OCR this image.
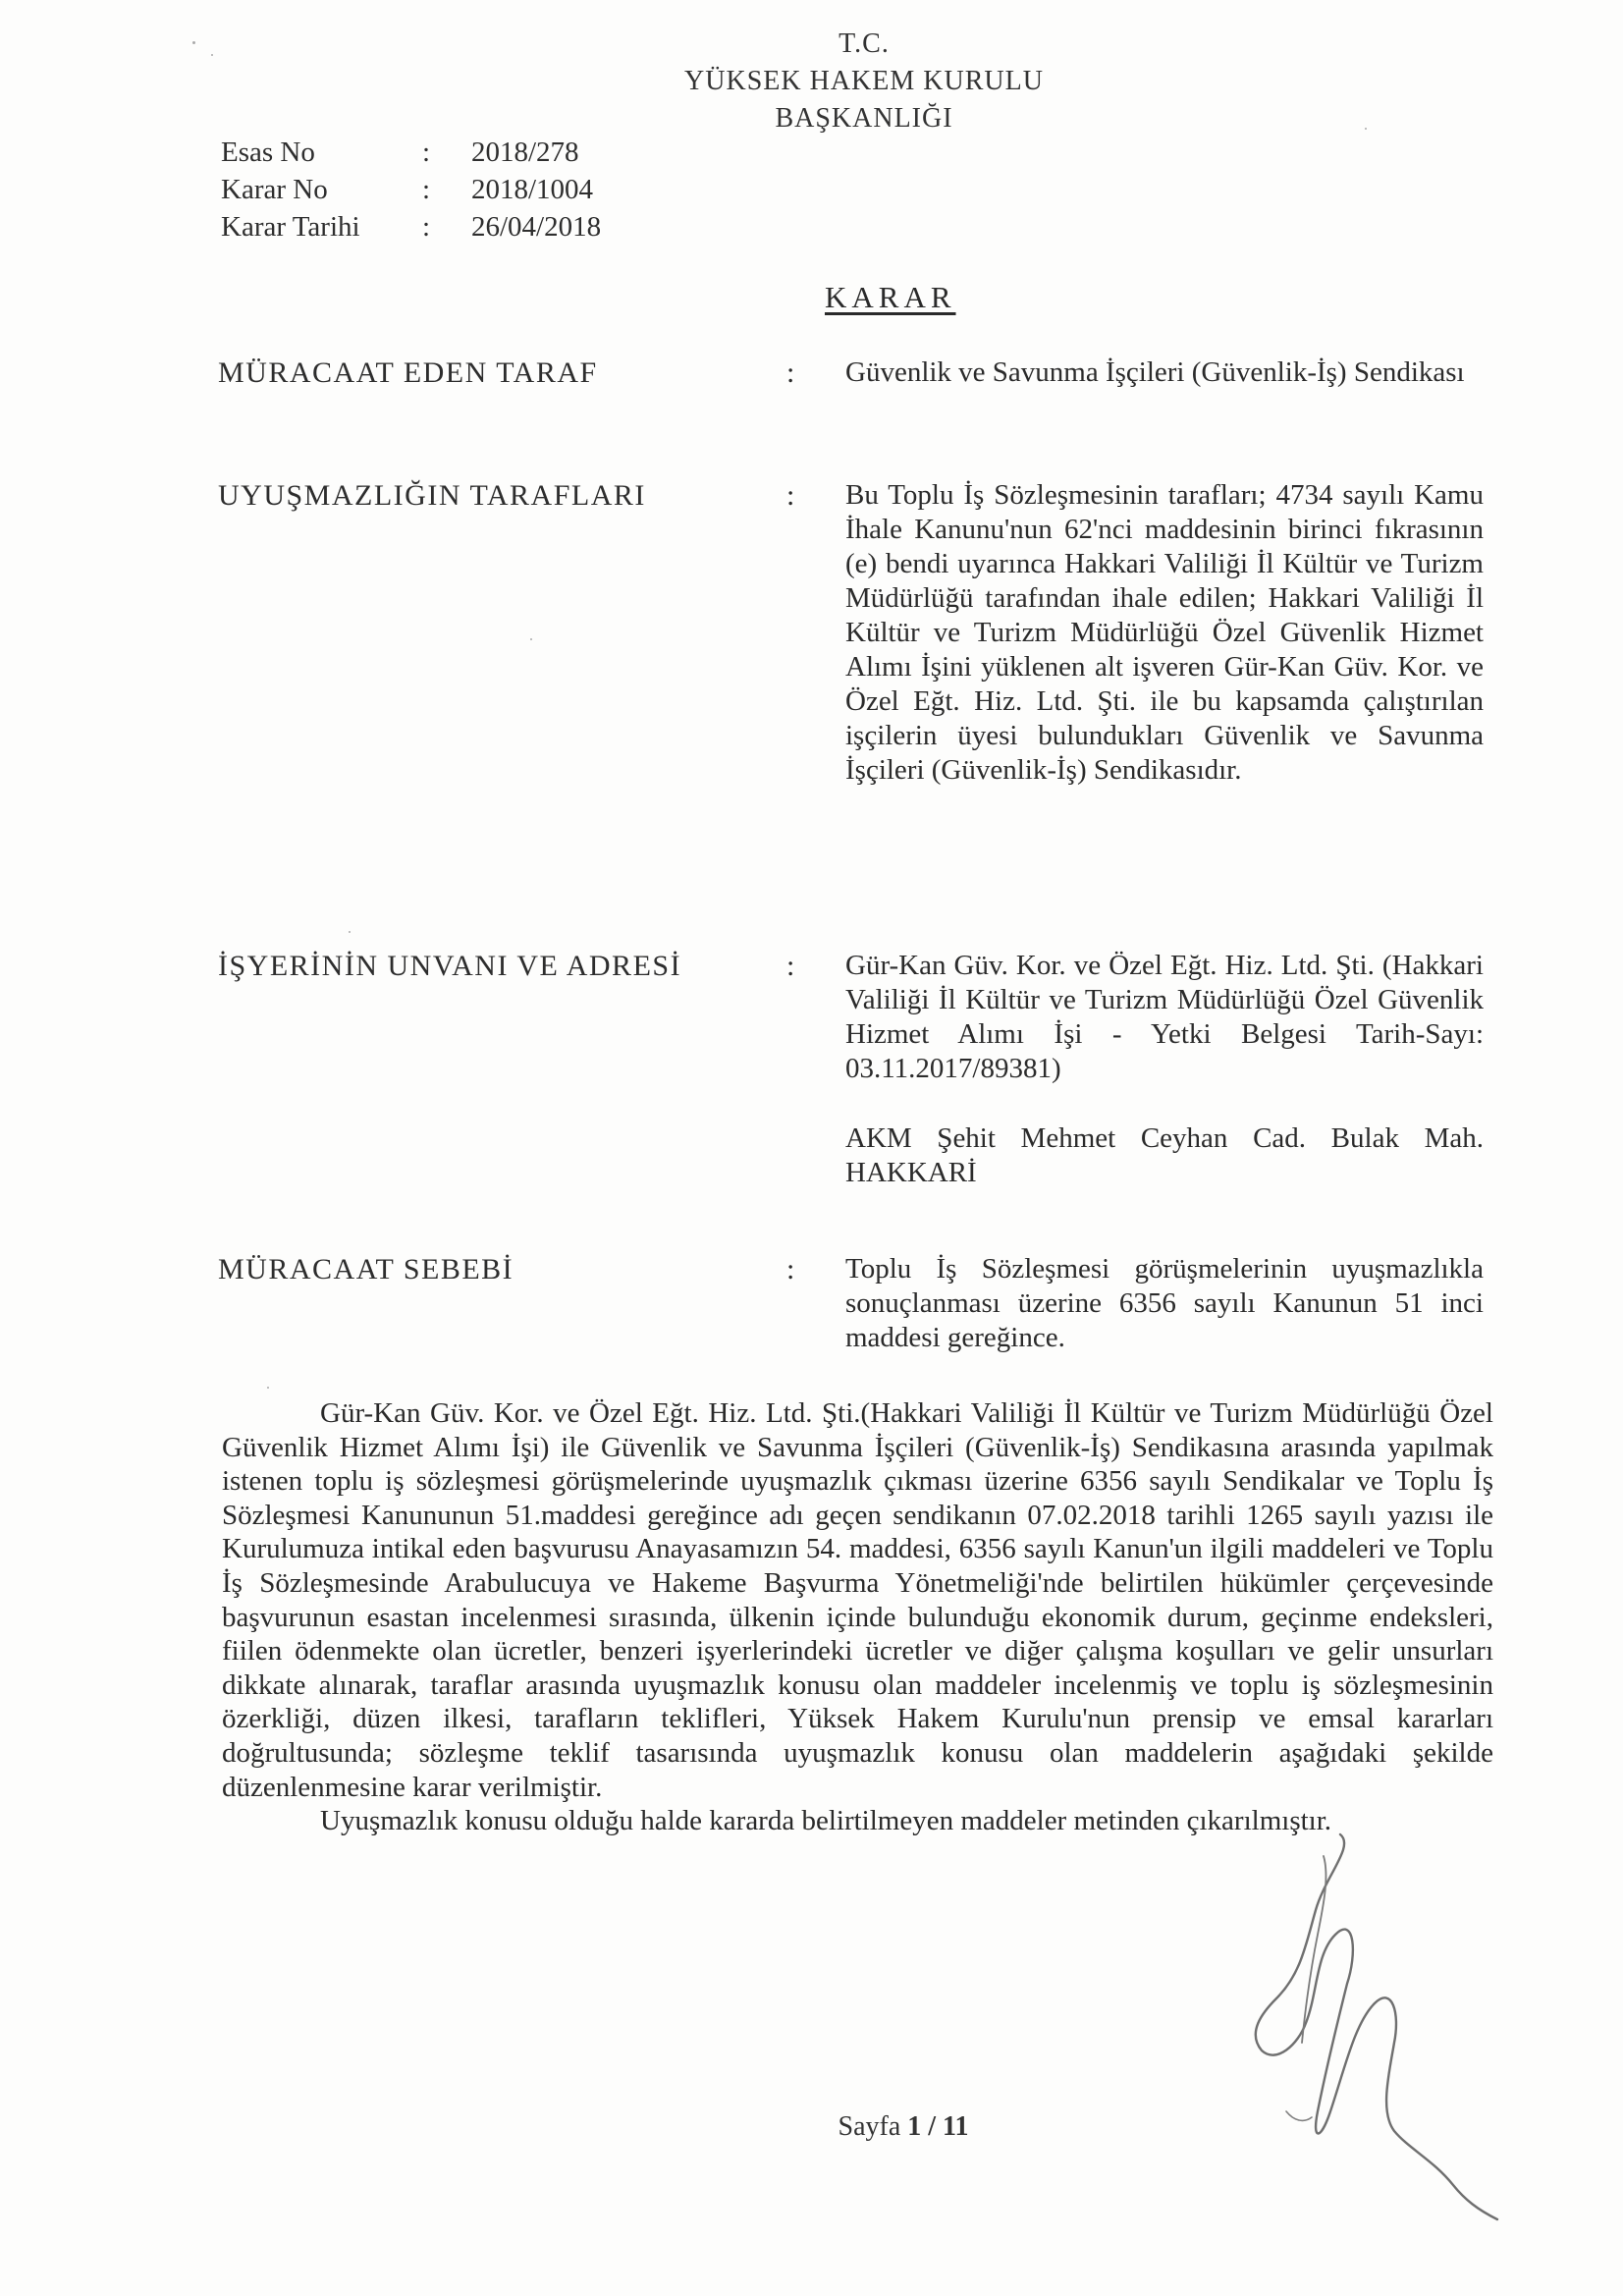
T.C.
YÜKSEK HAKEM KURULU
BAŞKANLIĞI
Esas No	:	2018/278
Karar No	:	2018/1004
Karar Tarihi	:	26/04/2018
KARAR
MÜRACAAT EDEN TARAF	:	Güvenlik ve Savunma İşçileri (Güvenlik-İş) Sendikası

UYUŞMAZLIĞIN TARAFLARI	:	Bu Toplu İş Sözleşmesinin tarafları; 4734 sayılı Kamu İhale Kanunu'nun 62'nci maddesinin birinci fıkrasının (e) bendi uyarınca Hakkari Valiliği İl Kültür ve Turizm Müdürlüğü tarafından ihale edilen; Hakkari Valiliği İl Kültür ve Turizm Müdürlüğü Özel Güvenlik Hizmet Alımı İşini yüklenen alt işveren Gür-Kan Güv. Kor. ve Özel Eğt. Hiz. Ltd. Şti. ile bu kapsamda çalıştırılan işçilerin üyesi bulundukları Güvenlik ve Savunma İşçileri (Güvenlik-İş) Sendikasıdır.

İŞYERİNİN UNVANI VE ADRESİ	:	Gür-Kan Güv. Kor. ve Özel Eğt. Hiz. Ltd. Şti. (Hakkari Valiliği İl Kültür ve Turizm Müdürlüğü Özel Güvenlik Hizmet Alımı İşi - Yetki Belgesi Tarih-Sayı: 03.11.2017/89381)

AKM Şehit Mehmet Ceyhan Cad. Bulak Mah. HAKKARİ

MÜRACAAT SEBEBİ	:	Toplu İş Sözleşmesi görüşmelerinin uyuşmazlıkla sonuçlanması üzerine 6356 sayılı Kanunun 51 inci maddesi gereğince.

Gür-Kan Güv. Kor. ve Özel Eğt. Hiz. Ltd. Şti.(Hakkari Valiliği İl Kültür ve Turizm Müdürlüğü Özel Güvenlik Hizmet Alımı İşi) ile Güvenlik ve Savunma İşçileri (Güvenlik-İş) Sendikasına arasında yapılmak istenen toplu iş sözleşmesi görüşmelerinde uyuşmazlık çıkması üzerine 6356 sayılı Sendikalar ve Toplu İş Sözleşmesi Kanununun 51.maddesi gereğince adı geçen sendikanın 07.02.2018 tarihli 1265 sayılı yazısı ile Kurulumuza intikal eden başvurusu Anayasamızın 54. maddesi, 6356 sayılı Kanun'un ilgili maddeleri ve Toplu İş Sözleşmesinde Arabulucuya ve Hakeme Başvurma Yönetmeliği'nde belirtilen hükümler çerçevesinde başvurunun esastan incelenmesi sırasında, ülkenin içinde bulunduğu ekonomik durum, geçinme endeksleri, fiilen ödenmekte olan ücretler, benzeri işyerlerindeki ücretler ve diğer çalışma koşulları ve gelir unsurları dikkate alınarak, taraflar arasında uyuşmazlık konusu olan maddeler incelenmiş ve toplu iş sözleşmesinin özerkliği, düzen ilkesi, tarafların teklifleri, Yüksek Hakem Kurulu'nun prensip ve emsal kararları doğrultusunda; sözleşme teklif tasarısında uyuşmazlık konusu olan maddelerin aşağıdaki şekilde düzenlenmesine karar verilmiştir.

Uyuşmazlık konusu olduğu halde kararda belirtilmeyen maddeler metinden çıkarılmıştır.

Sayfa 1 / 11
